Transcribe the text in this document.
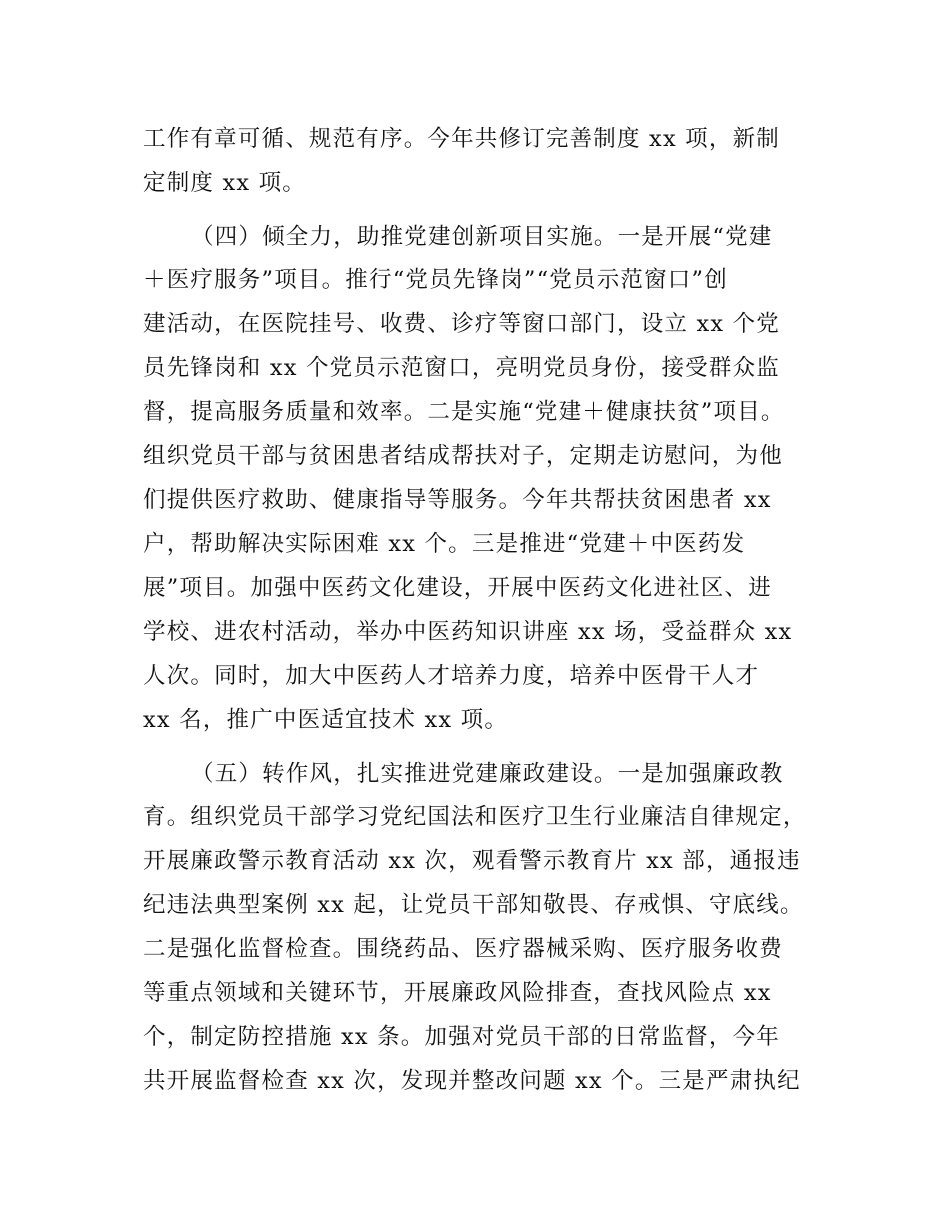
工作有章可循、规范有序。今年共修订完善制度 xx 项，新制
定制度 xx 项。
（四）倾全力，助推党建创新项目实施。一是开展“党建
＋医疗服务”项目。推行“党员先锋岗”“党员示范窗口”创
建活动，在医院挂号、收费、诊疗等窗口部门，设立 xx 个党
员先锋岗和 xx 个党员示范窗口，亮明党员身份，接受群众监
督，提高服务质量和效率。二是实施“党建＋健康扶贫”项目。
组织党员干部与贫困患者结成帮扶对子，定期走访慰问，为他
们提供医疗救助、健康指导等服务。今年共帮扶贫困患者 xx
户，帮助解决实际困难 xx 个。三是推进“党建＋中医药发
展”项目。加强中医药文化建设，开展中医药文化进社区、进
学校、进农村活动，举办中医药知识讲座 xx 场，受益群众 xx
人次。同时，加大中医药人才培养力度，培养中医骨干人才
xx 名，推广中医适宜技术 xx 项。
（五）转作风，扎实推进党建廉政建设。一是加强廉政教
育。组织党员干部学习党纪国法和医疗卫生行业廉洁自律规定，
开展廉政警示教育活动 xx 次，观看警示教育片 xx 部，通报违
纪违法典型案例 xx 起，让党员干部知敬畏、存戒惧、守底线。
二是强化监督检查。围绕药品、医疗器械采购、医疗服务收费
等重点领域和关键环节，开展廉政风险排查，查找风险点 xx
个，制定防控措施 xx 条。加强对党员干部的日常监督，今年
共开展监督检查 xx 次，发现并整改问题 xx 个。三是严肃执纪
